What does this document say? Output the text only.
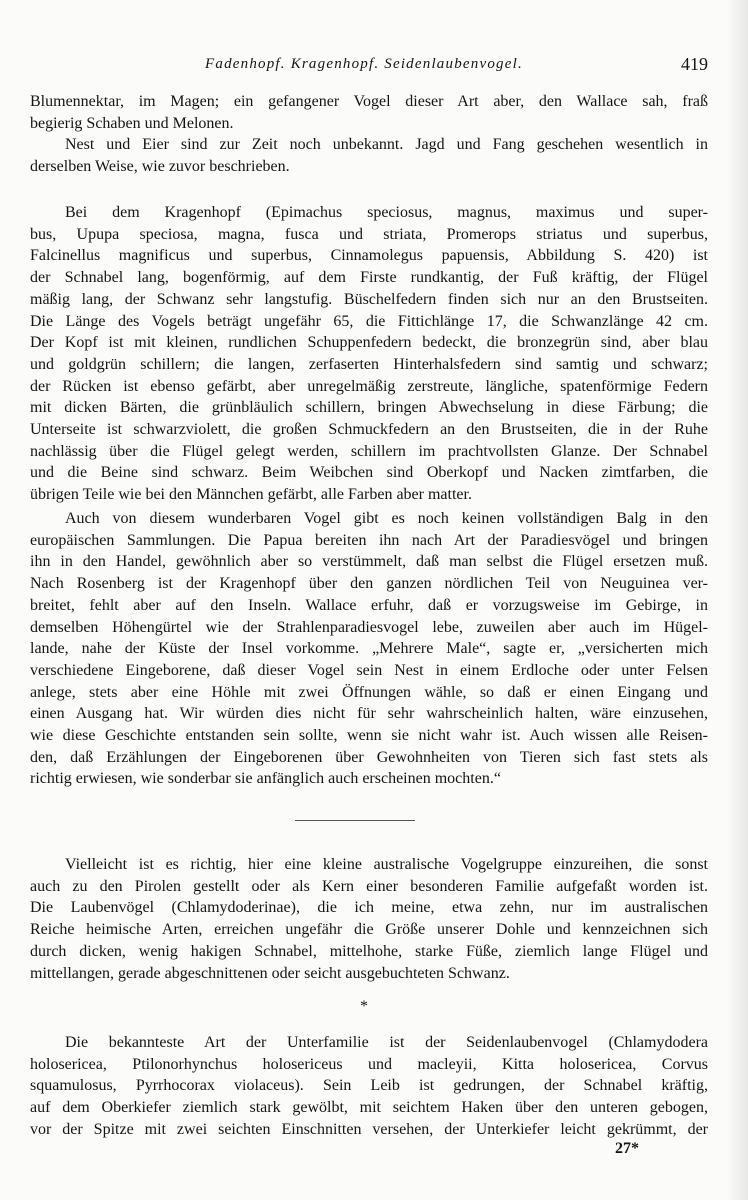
Fadenhopf. Kragenhopf. Seidenlaubenvogel.	419
Blumennektar, im Magen; ein gefangener Vogel dieser Art aber, den Wallace sah, fraß
begierig Schaben und Melonen.
Nest und Eier sind zur Zeit noch unbekannt. Jagd und Fang geschehen wesentlich in
derselben Weise, wie zuvor beschrieben.
Bei dem Kragenhopf (Epimachus speciosus, magnus, maximus und super-
bus, Upupa speciosa, magna, fusca und striata, Promerops striatus und superbus,
Falcinellus magnificus und superbus, Cinnamolegus papuensis, Abbildung S. 420) ist
der Schnabel lang, bogenförmig, auf dem Firste rundkantig, der Fuß kräftig, der Flügel
mäßig lang, der Schwanz sehr langstufig. Büschelfedern finden sich nur an den Brustseiten.
Die Länge des Vogels beträgt ungefähr 65, die Fittichlänge 17, die Schwanzlänge 42 cm.
Der Kopf ist mit kleinen, rundlichen Schuppenfedern bedeckt, die bronzegrün sind, aber blau
und goldgrün schillern; die langen, zerfaserten Hinterhalsfedern sind samtig und schwarz;
der Rücken ist ebenso gefärbt, aber unregelmäßig zerstreute, längliche, spatenförmige Federn
mit dicken Bärten, die grünbläulich schillern, bringen Abwechselung in diese Färbung; die
Unterseite ist schwarzviolett, die großen Schmuckfedern an den Brustseiten, die in der Ruhe
nachlässig über die Flügel gelegt werden, schillern im prachtvollsten Glanze. Der Schnabel
und die Beine sind schwarz. Beim Weibchen sind Oberkopf und Nacken zimtfarben, die
übrigen Teile wie bei den Männchen gefärbt, alle Farben aber matter.
Auch von diesem wunderbaren Vogel gibt es noch keinen vollständigen Balg in den
europäischen Sammlungen. Die Papua bereiten ihn nach Art der Paradiesvögel und bringen
ihn in den Handel, gewöhnlich aber so verstümmelt, daß man selbst die Flügel ersetzen muß.
Nach Rosenberg ist der Kragenhopf über den ganzen nördlichen Teil von Neuguinea ver-
breitet, fehlt aber auf den Inseln. Wallace erfuhr, daß er vorzugsweise im Gebirge, in
demselben Höhengürtel wie der Strahlenparadiesvogel lebe, zuweilen aber auch im Hügel-
lande, nahe der Küste der Insel vorkomme. „Mehrere Male“, sagte er, „versicherten mich
verschiedene Eingeborene, daß dieser Vogel sein Nest in einem Erdloche oder unter Felsen
anlege, stets aber eine Höhle mit zwei Öffnungen wähle, so daß er einen Eingang und
einen Ausgang hat. Wir würden dies nicht für sehr wahrscheinlich halten, wäre einzusehen,
wie diese Geschichte entstanden sein sollte, wenn sie nicht wahr ist. Auch wissen alle Reisen-
den, daß Erzählungen der Eingeborenen über Gewohnheiten von Tieren sich fast stets als
richtig erwiesen, wie sonderbar sie anfänglich auch erscheinen mochten.“
Vielleicht ist es richtig, hier eine kleine australische Vogelgruppe einzureihen, die sonst
auch zu den Pirolen gestellt oder als Kern einer besonderen Familie aufgefaßt worden ist.
Die Laubenvögel (Chlamydoderinae), die ich meine, etwa zehn, nur im australischen
Reiche heimische Arten, erreichen ungefähr die Größe unserer Dohle und kennzeichnen sich
durch dicken, wenig hakigen Schnabel, mittelhohe, starke Füße, ziemlich lange Flügel und
mittellangen, gerade abgeschnittenen oder seicht ausgebuchteten Schwanz.
Die bekannteste Art der Unterfamilie ist der Seidenlaubenvogel (Chlamydodera
holosericea, Ptilonorhynchus holosericeus und macleyii, Kitta holosericea, Corvus
squamulosus, Pyrrhocorax violaceus). Sein Leib ist gedrungen, der Schnabel kräftig,
auf dem Oberkiefer ziemlich stark gewölbt, mit seichtem Haken über den unteren gebogen,
vor der Spitze mit zwei seichten Einschnitten versehen, der Unterkiefer leicht gekrümmt, der
*
27*
